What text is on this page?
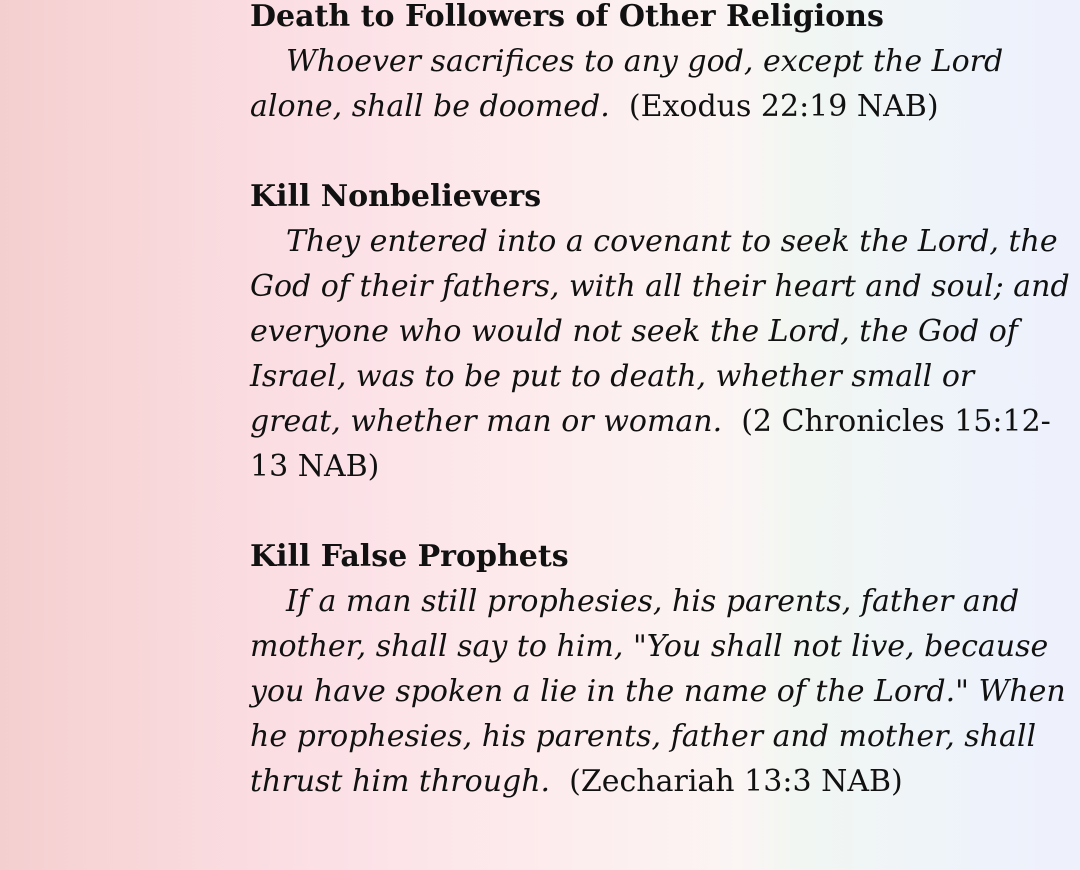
Death to Followers of Other Religions

Whoever sacrifices to any god, except the Lord alone, shall be doomed. (Exodus 22:19 NAB)

Kill Nonbelievers

They entered into a covenant to seek the Lord, the God of their fathers, with all their heart and soul; and everyone who would not seek the Lord, the God of Israel, was to be put to death, whether small or great, whether man or woman. (2 Chronicles 15:12-13 NAB)

Kill False Prophets

If a man still prophesies, his parents, father and mother, shall say to him, "You shall not live, because you have spoken a lie in the name of the Lord." When he prophesies, his parents, father and mother, shall thrust him through. (Zechariah 13:3 NAB)
